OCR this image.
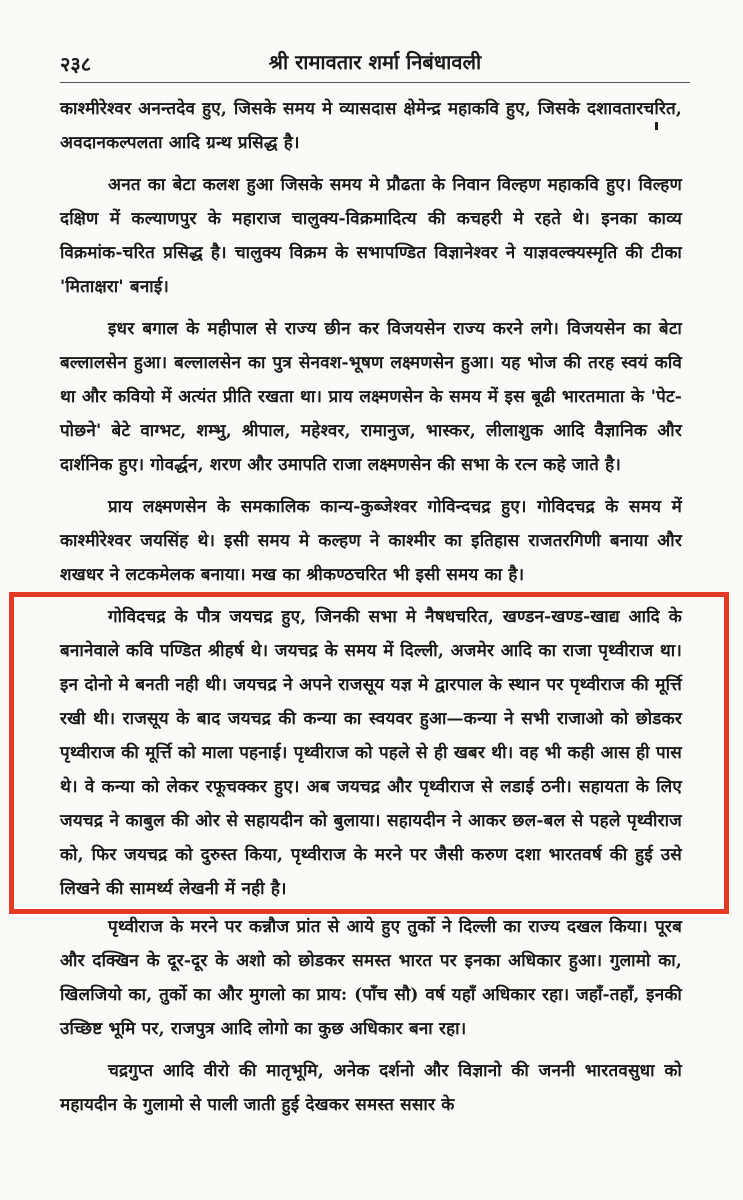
२३८	श्री रामावतार शर्मा निबंधावली

काश्मीरेश्वर अनन्तदेव हुए, जिसके समय मे व्यासदास क्षेमेन्द्र महाकवि हुए, जिसके दशावतारचरित, अवदानकल्पलता आदि ग्रन्थ प्रसिद्ध है।

अनत का बेटा कलश हुआ जिसके समय मे प्रौढता के निवान विल्हण महाकवि हुए। विल्हण दक्षिण में कल्याणपुर के महाराज चालुक्य-विक्रमादित्य की कचहरी मे रहते थे। इनका काव्य विक्रमांक-चरित प्रसिद्ध है। चालुक्य विक्रम के सभापण्डित विज्ञानेश्वर ने याज्ञवल्क्यस्मृति की टीका 'मिताक्षरा' बनाई।

इधर बगाल के महीपाल से राज्य छीन कर विजयसेन राज्य करने लगे। विजयसेन का बेटा बल्लालसेन हुआ। बल्लालसेन का पुत्र सेनवश-भूषण लक्ष्मणसेन हुआ। यह भोज की तरह स्वयं कवि था और कवियो में अत्यंत प्रीति रखता था। प्राय लक्ष्मणसेन के समय में इस बूढी भारतमाता के 'पेट-पोछने' बेटे वाग्भट, शम्भु, श्रीपाल, महेश्वर, रामानुज, भास्कर, लीलाशुक आदि वैज्ञानिक और दार्शनिक हुए। गोवर्द्धन, शरण और उमापति राजा लक्ष्मणसेन की सभा के रत्न कहे जाते है।

प्राय लक्ष्मणसेन के समकालिक कान्य-कुब्जेश्वर गोविन्दचद्र हुए। गोविदचद्र के समय में काश्मीरेश्वर जयसिंह थे। इसी समय मे कल्हण ने काश्मीर का इतिहास राजतरगिणी बनाया और शखधर ने लटकमेलक बनाया। मख का श्रीकण्ठचरित भी इसी समय का है।

गोविदचद्र के पौत्र जयचद्र हुए, जिनकी सभा मे नैषधचरित, खण्डन-खण्ड-खाद्य आदि के बनानेवाले कवि पण्डित श्रीहर्ष थे। जयचद्र के समय में दिल्ली, अजमेर आदि का राजा पृथ्वीराज था। इन दोनो मे बनती नही थी। जयचद्र ने अपने राजसूय यज्ञ मे द्वारपाल के स्थान पर पृथ्वीराज की मूर्त्ति रखी थी। राजसूय के बाद जयचद्र की कन्या का स्वयवर हुआ—कन्या ने सभी राजाओ को छोडकर पृथ्वीराज की मूर्त्ति को माला पहनाई। पृथ्वीराज को पहले से ही खबर थी। वह भी कही आस ही पास थे। वे कन्या को लेकर रफूचक्कर हुए। अब जयचद्र और पृथ्वीराज से लडाई ठनी। सहायता के लिए जयचद्र ने काबुल की ओर से सहायदीन को बुलाया। सहायदीन ने आकर छल-बल से पहले पृथ्वीराज को, फिर जयचद्र को दुरुस्त किया, पृथ्वीराज के मरने पर जैसी करुण दशा भारतवर्ष की हुई उसे लिखने की सामर्थ्य लेखनी में नही है।

पृथ्वीराज के मरने पर कन्नौज प्रांत से आये हुए तुर्को ने दिल्ली का राज्य दखल किया। पूरब और दक्खिन के दूर-दूर के अशो को छोडकर समस्त भारत पर इनका अधिकार हुआ। गुलामो का, खिलजियो का, तुर्को का और मुगलो का प्राय: (पाँच सौ) वर्ष यहाँ अधिकार रहा। जहाँ-तहाँ, इनकी उच्छिष्ट भूमि पर, राजपुत्र आदि लोगो का कुछ अधिकार बना रहा।

चद्रगुप्त आदि वीरो की मातृभूमि, अनेक दर्शनो और विज्ञानो की जननी भारतवसुधा को महायदीन के गुलामो से पाली जाती हुई देखकर समस्त ससार के
